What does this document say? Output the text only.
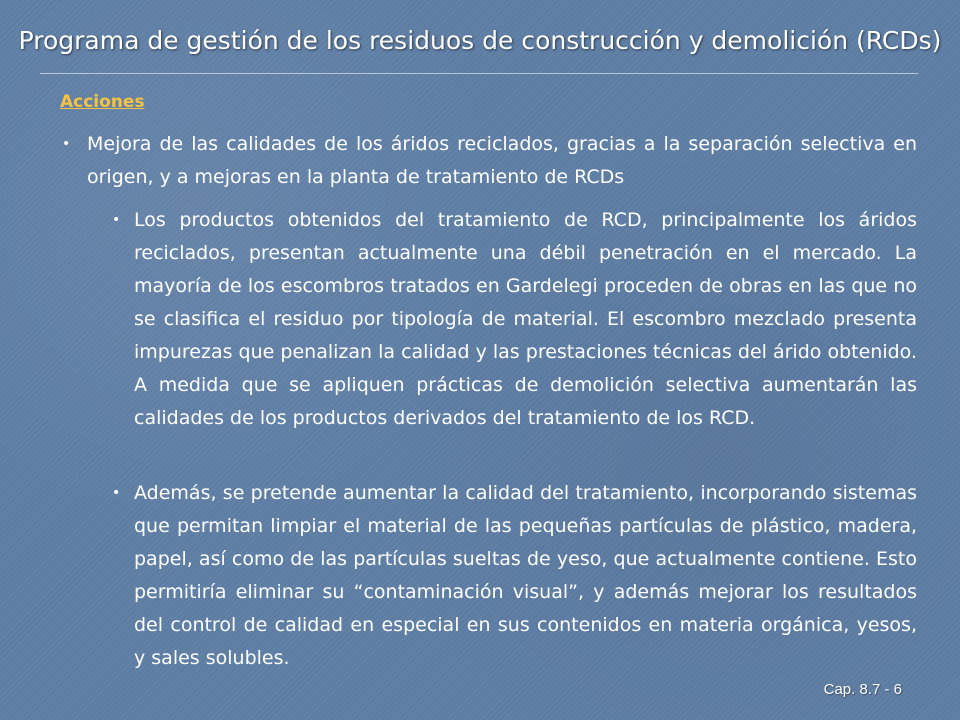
Programa de gestión de los residuos de construcción y demolición (RCDs)
Acciones
• Mejora de las calidades de los áridos reciclados, gracias a la separación selectiva en origen, y a mejoras en la planta de tratamiento de RCDs

• Los productos obtenidos del tratamiento de RCD, principalmente los áridos reciclados, presentan actualmente una débil penetración en el mercado. La mayoría de los escombros tratados en Gardelegi proceden de obras en las que no se clasifica el residuo por tipología de material. El escombro mezclado presenta impurezas que penalizan la calidad y las prestaciones técnicas del árido obtenido. A medida que se apliquen prácticas de demolición selectiva aumentarán las calidades de los productos derivados del tratamiento de los RCD.

• Además, se pretende aumentar la calidad del tratamiento, incorporando sistemas que permitan limpiar el material de las pequeñas partículas de plástico, madera, papel, así como de las partículas sueltas de yeso, que actualmente contiene. Esto permitiría eliminar su “contaminación visual”, y además mejorar los resultados del control de calidad en especial en sus contenidos en materia orgánica, yesos, y sales solubles.

Cap. 8.7 - 6
